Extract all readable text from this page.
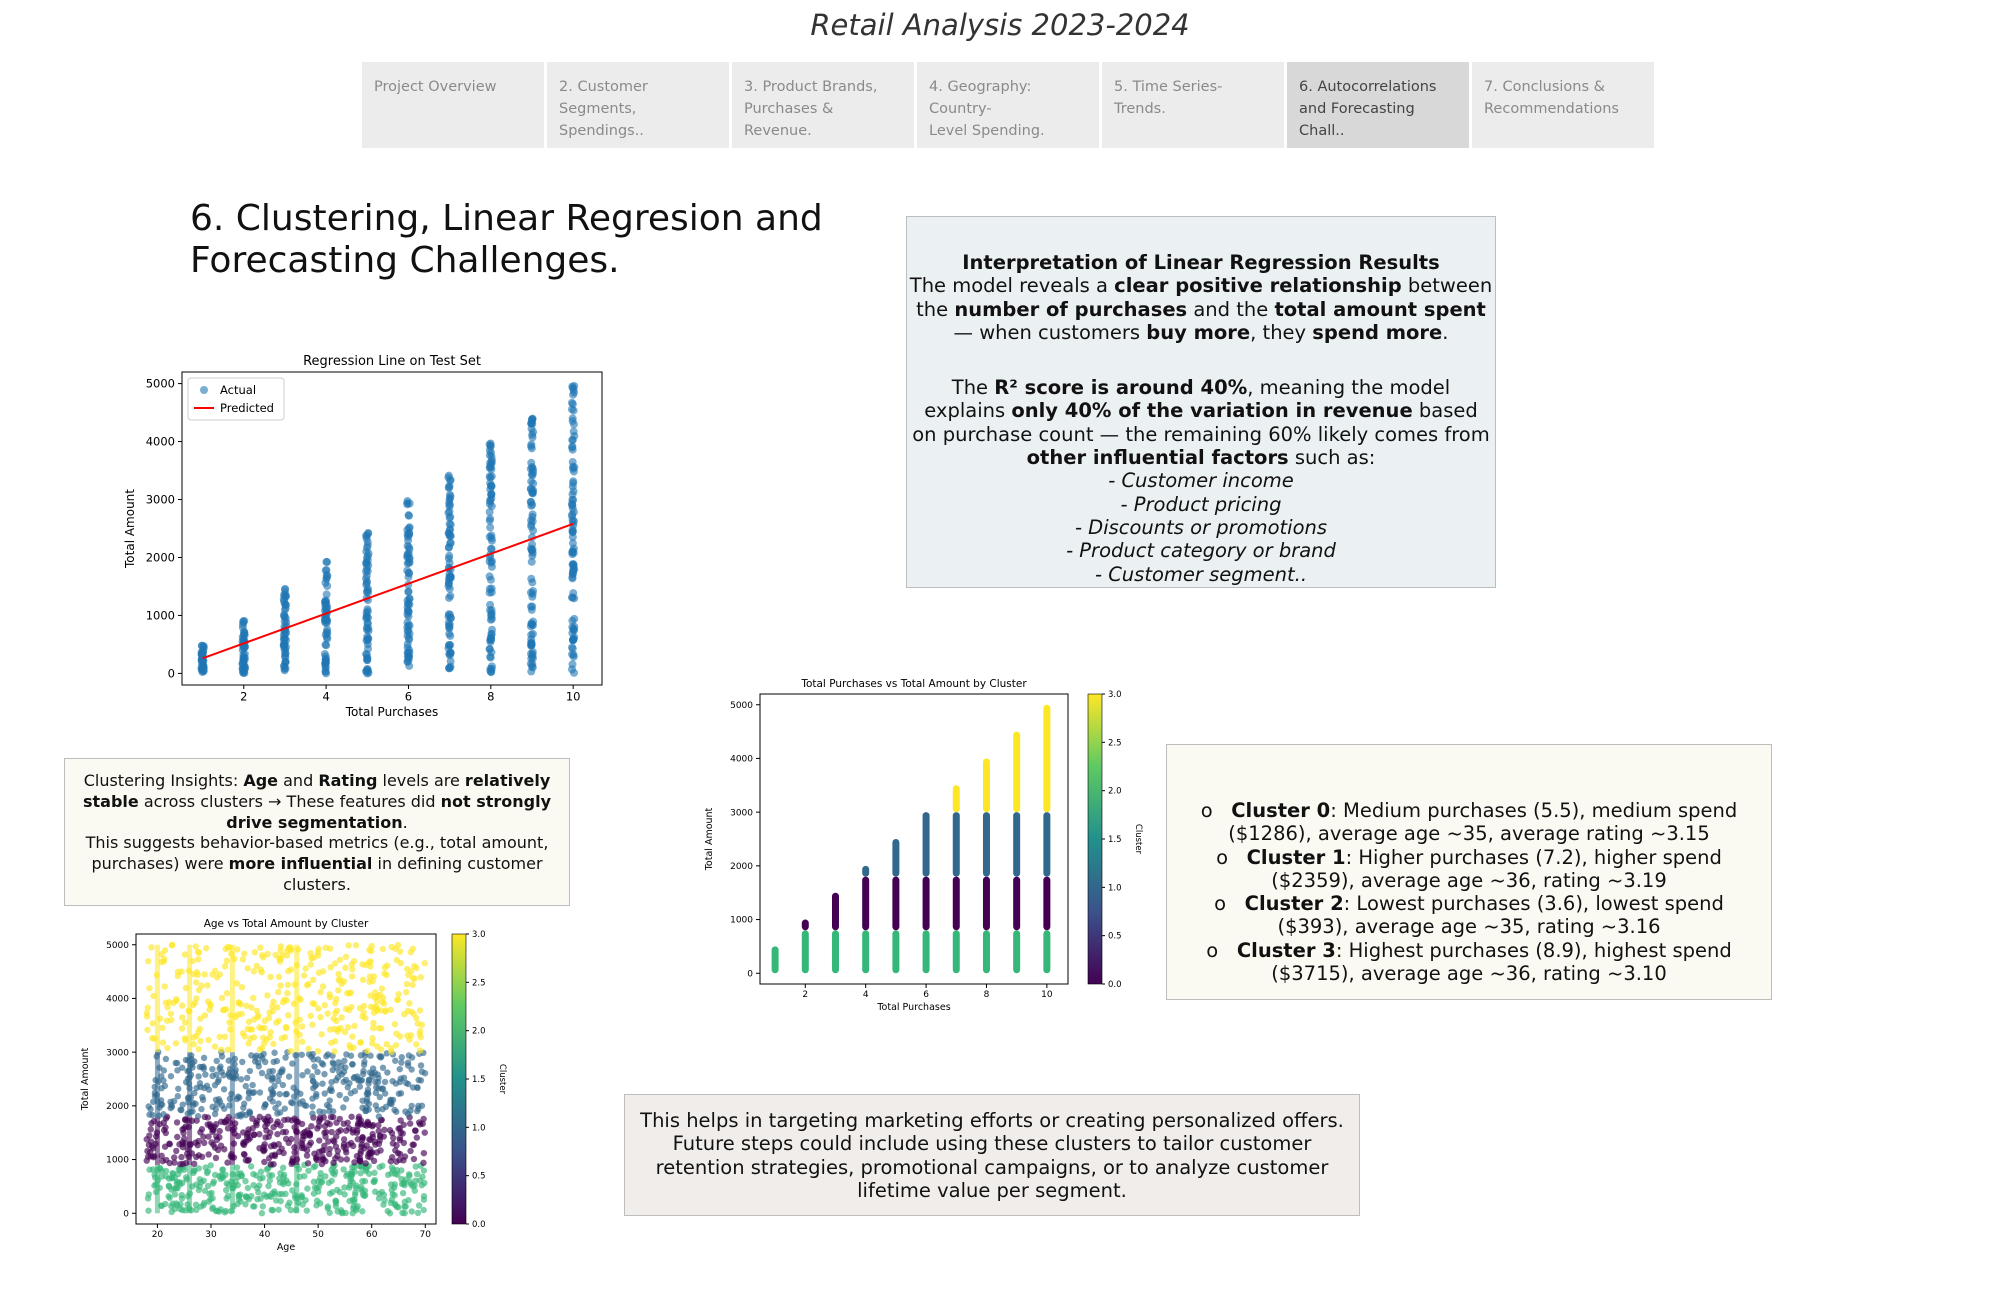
Retail Analysis 2023-2024
Project Overview	2. Customer
Segments, Spendings..
3. Product Brands,
Purchases & Revenue.
4. Geography: Country-
Level Spending.
5. Time Series- Trends.
6. Autocorrelations
and Forecasting Chall..
7. Conclusions &
Recommendations
6. Clustering, Linear Regresion and
Forecasting Challenges.
2	4	6	8	10
0
1000
2000
3000
4000
5000
Regression Line on Test Set
Total Purchases
Total Amount
Actual
Predicted
Interpretation of Linear Regression Results
The model reveals a clear positive relationship between
the number of purchases and the total amount spent
— when customers buy more, they spend more.
The R² score is around 40%, meaning the model
explains only 40% of the variation in revenue based
on purchase count — the remaining 60% likely comes from
other influential factors such as:
- Customer income
- Product pricing
- Discounts or promotions
- Product category or brand
- Customer segment..
2	4	6	8	10
0
1000
2000
3000
4000
5000
Total Purchases vs Total Amount by Cluster
Total Purchases
Total Amount
0.0
0.5
1.0
1.5
2.0
2.5
3.0
Cluster
Clustering Insights: Age and Rating levels are relatively stable across clusters → These features did not strongly drive segmentation.
This suggests behavior-based metrics (e.g., total amount, purchases) were more influential in defining customer clusters.
o Cluster 0: Medium purchases (5.5), medium spend ($1286), average age ~35, average rating ~3.15
o Cluster 1: Higher purchases (7.2), higher spend ($2359), average age ~36, rating ~3.19
o Cluster 2: Lowest purchases (3.6), lowest spend ($393), average age ~35, rating ~3.16
o Cluster 3: Highest purchases (8.9), highest spend ($3715), average age ~36, rating ~3.10
20	30	40	50	60	70
0
1000
2000
3000
4000
5000
Age vs Total Amount by Cluster
Age
Total Amount
0.0
0.5
1.0
1.5
2.0
2.5
3.0
Cluster
This helps in targeting marketing efforts or creating personalized offers. Future steps could include using these clusters to tailor customer retention strategies, promotional campaigns, or to analyze customer lifetime value per segment.
